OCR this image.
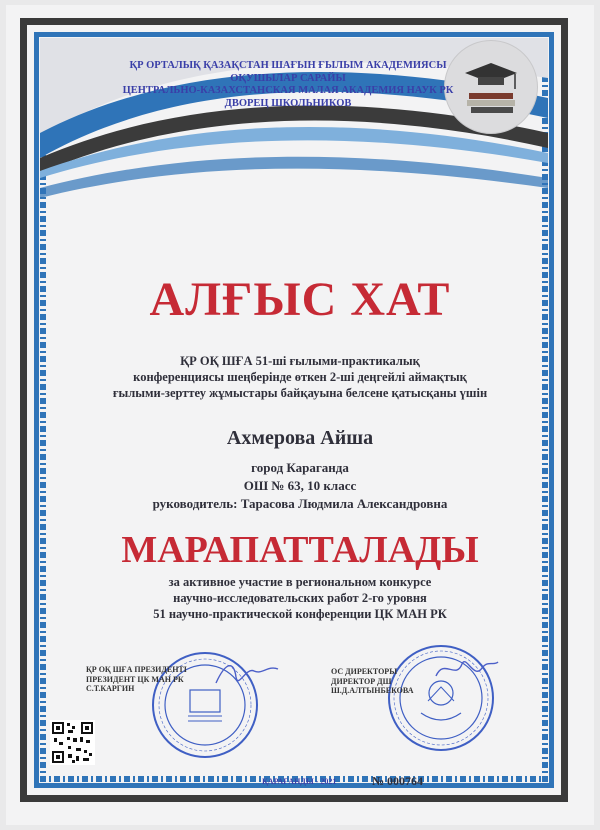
ҚР ОРТАЛЫҚ ҚАЗАҚСТАН ШАҒЫН ҒЫЛЫМ АКАДЕМИЯСЫ
ОҚУШЫЛАР САРАЙЫ
ЦЕНТРАЛЬНО-КАЗАХСТАНСКАЯ МАЛАЯ АКАДЕМИЯ НАУК РК
ДВОРЕЦ ШКОЛЬНИКОВ
АЛҒЫС ХАТ
ҚР ОҚ ШҒА 51-ші ғылыми-практикалық
конференциясы шеңберінде өткен 2-ші деңгейлі аймақтық
ғылыми-зерттеу жұмыстары байқауына белсене қатысқаны үшін
Ахмерова Айша
город Караганда
ОШ № 63, 10 класс
руководитель: Тарасова Людмила Александровна
МАРАПАТТАЛАДЫ
за активное участие в региональном конкурсе
научно-исследовательских работ 2-го уровня
51 научно-практической конференции ЦК МАН РК
ҚР ОҚ ШҒА ПРЕЗИДЕНТІ
ПРЕЗИДЕНТ ЦК МАН РК
С.Т.КАРГИН
ОС ДИРЕКТОРЫ
ДИРЕКТОР ДШ
Ш.Д.АЛТЫНБЕКОВА
ҚАРАҒАНДЫ - 2021	№ 000764
